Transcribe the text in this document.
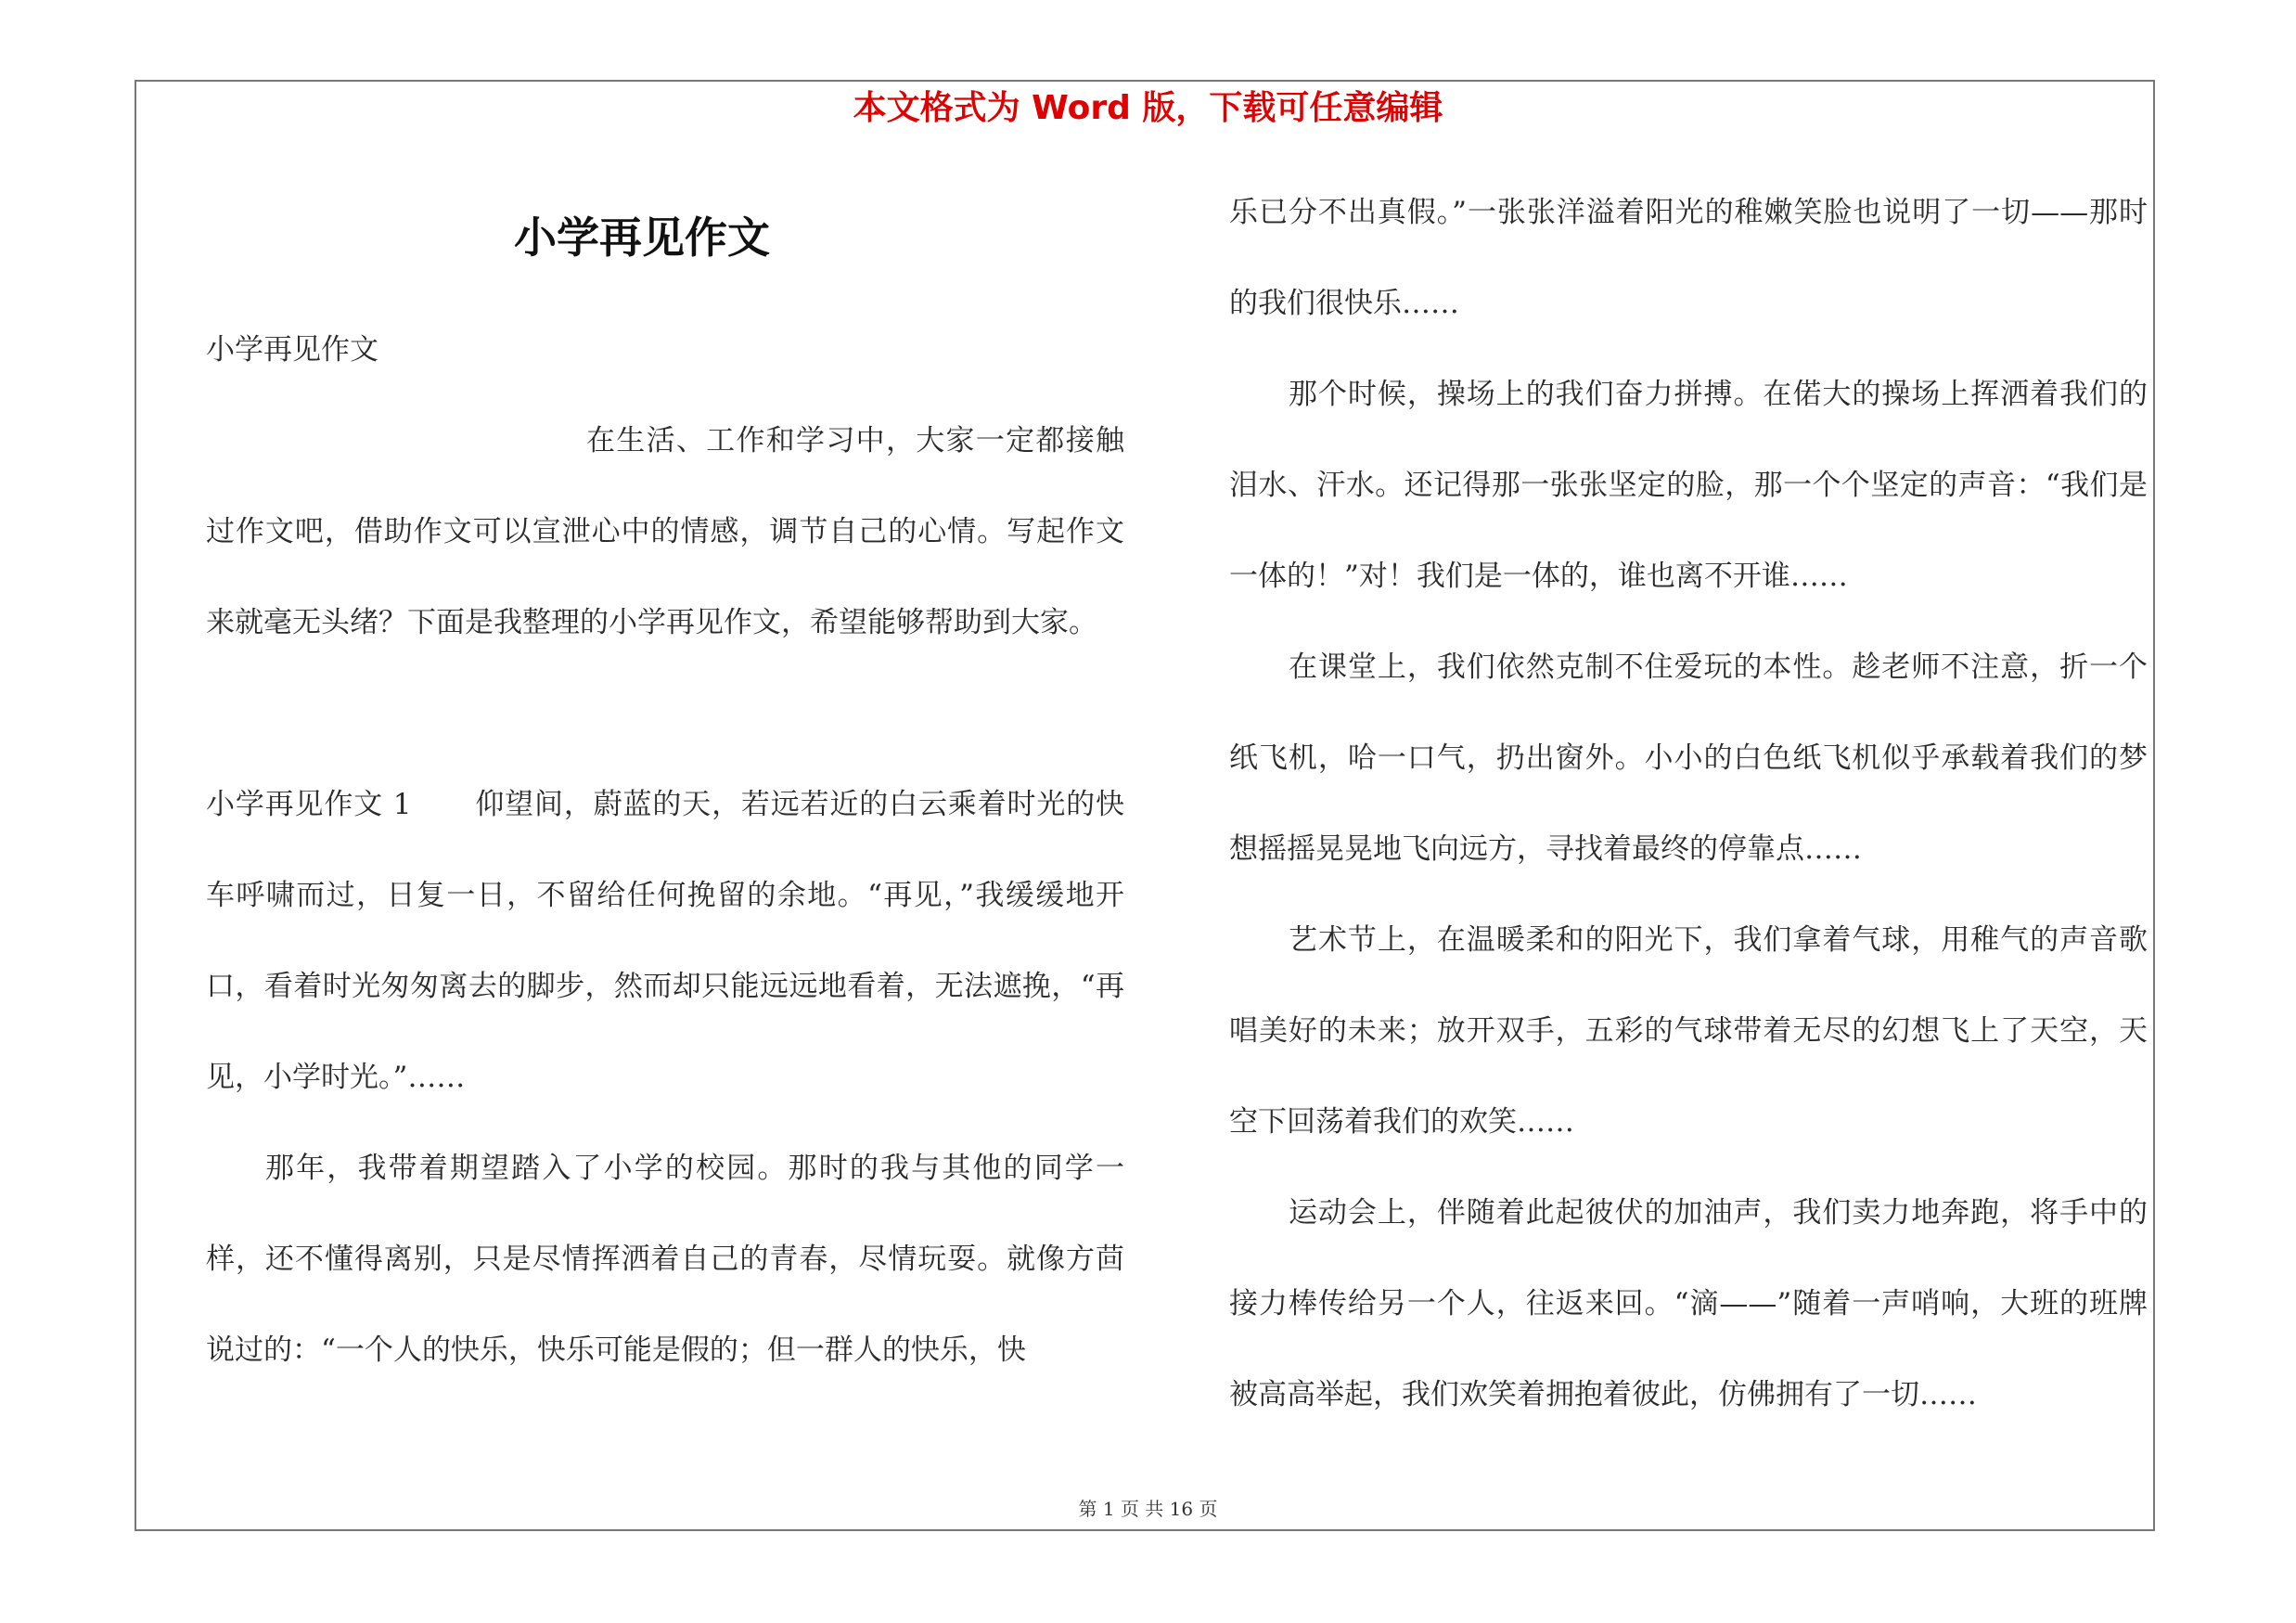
本文格式为 Word 版，下载可任意编辑
小学再见作文

小学再见作文

在生活、工作和学习中，大家一定都接触过作文吧，借助作文可以宣泄心中的情感，调节自己的心情。写起作文来就毫无头绪？下面是我整理的小学再见作文，希望能够帮助到大家。

小学再见作文 1 仰望间，蔚蓝的天，若远若近的白云乘着时光的快车呼啸而过，日复一日，不留给任何挽留的余地。“再见，”我缓缓地开口，看着时光匆匆离去的脚步，然而却只能远远地看着，无法遮挽，“再见，小学时光。”……

那年，我带着期望踏入了小学的校园。那时的我与其他的同学一样，还不懂得离别，只是尽情挥洒着自己的青春，尽情玩耍。就像方茴说过的：“一个人的快乐，快乐可能是假的；但一群人的快乐，快

乐已分不出真假。”一张张洋溢着阳光的稚嫩笑脸也说明了一切——那时的我们很快乐……

那个时候，操场上的我们奋力拼搏。在偌大的操场上挥洒着我们的泪水、汗水。还记得那一张张坚定的脸，那一个个坚定的声音：“我们是一体的！”对！我们是一体的，谁也离不开谁……

在课堂上，我们依然克制不住爱玩的本性。趁老师不注意，折一个纸飞机，哈一口气，扔出窗外。小小的白色纸飞机似乎承载着我们的梦想摇摇晃晃地飞向远方，寻找着最终的停靠点……

艺术节上，在温暖柔和的阳光下，我们拿着气球，用稚气的声音歌唱美好的未来；放开双手，五彩的气球带着无尽的幻想飞上了天空，天空下回荡着我们的欢笑……

运动会上，伴随着此起彼伏的加油声，我们卖力地奔跑，将手中的接力棒传给另一个人，往返来回。“滴——”随着一声哨响，大班的班牌被高高举起，我们欢笑着拥抱着彼此，仿佛拥有了一切……

第 1 页 共 16 页
